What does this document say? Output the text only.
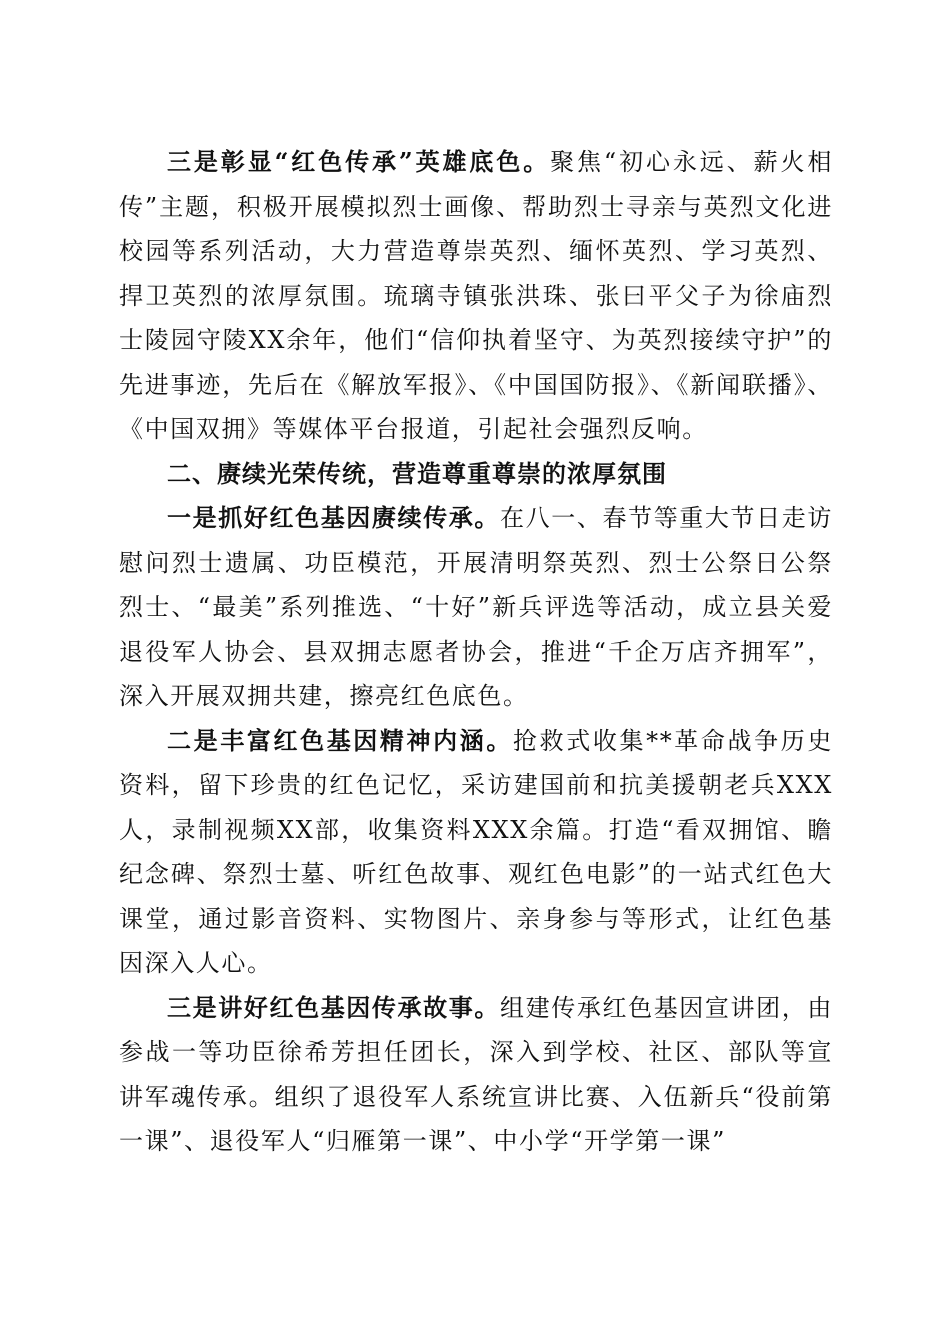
三是彰显“红色传承”英雄底色。聚焦“初心永远、薪火相传”主题，积极开展模拟烈士画像、帮助烈士寻亲与英烈文化进校园等系列活动，大力营造尊崇英烈、缅怀英烈、学习英烈、捍卫英烈的浓厚氛围。琉璃寺镇张洪珠、张曰平父子为徐庙烈士陵园守陵XX余年，他们“信仰执着坚守、为英烈接续守护”的先进事迹，先后在《解放军报》、《中国国防报》、《新闻联播》、《中国双拥》等媒体平台报道，引起社会强烈反响。

二、赓续光荣传统，营造尊重尊崇的浓厚氛围

一是抓好红色基因赓续传承。在八一、春节等重大节日走访慰问烈士遗属、功臣模范，开展清明祭英烈、烈士公祭日公祭烈士、“最美”系列推选、“十好”新兵评选等活动，成立县关爱退役军人协会、县双拥志愿者协会，推进“千企万店齐拥军”，深入开展双拥共建，擦亮红色底色。

二是丰富红色基因精神内涵。抢救式收集**革命战争历史资料，留下珍贵的红色记忆，采访建国前和抗美援朝老兵XXX人，录制视频XX部，收集资料XXX余篇。打造“看双拥馆、瞻纪念碑、祭烈士墓、听红色故事、观红色电影”的一站式红色大课堂，通过影音资料、实物图片、亲身参与等形式，让红色基因深入人心。

三是讲好红色基因传承故事。组建传承红色基因宣讲团，由参战一等功臣徐希芳担任团长，深入到学校、社区、部队等宣讲军魂传承。组织了退役军人系统宣讲比赛、入伍新兵“役前第一课”、退役军人“归雁第一课”、中小学“开学第一课”
